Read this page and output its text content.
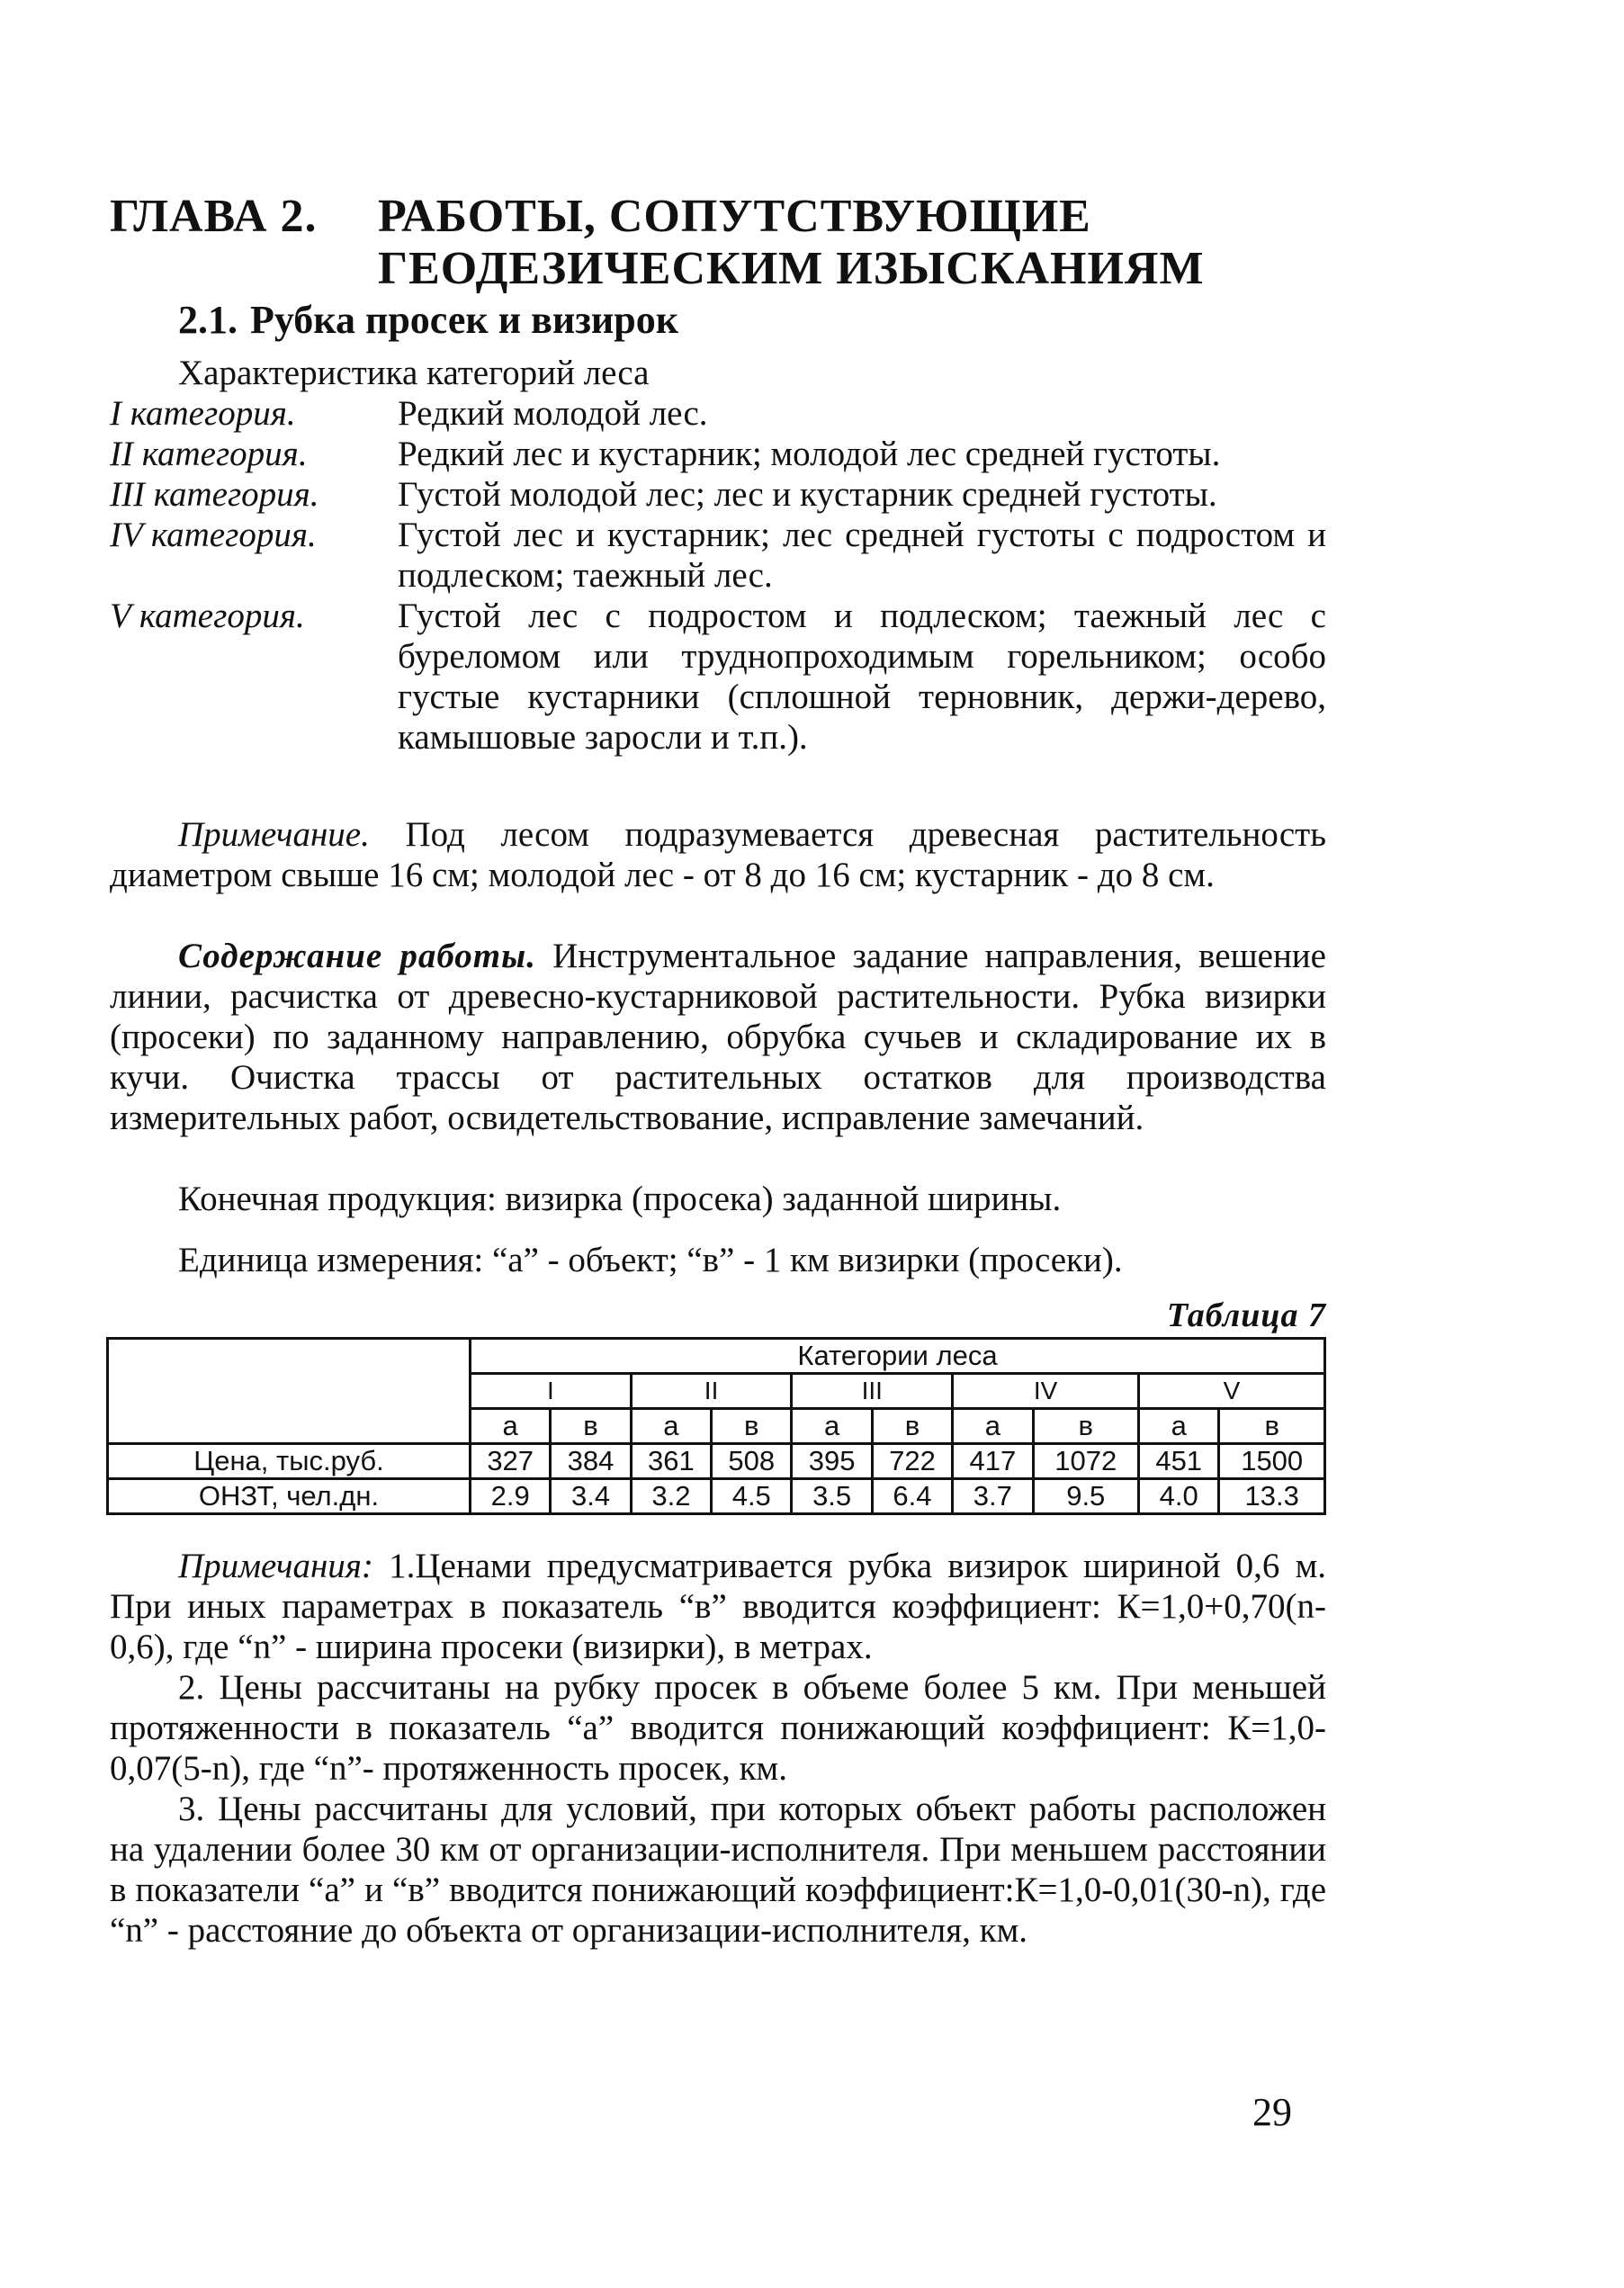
ГЛАВА 2. РАБОТЫ, СОПУТСТВУЮЩИЕ
ГЕОДЕЗИЧЕСКИМ ИЗЫСКАНИЯМ
2.1. Рубка просек и визирок
Характеристика категорий леса
I категория.	Редкий молодой лес.
II категория.	Редкий лес и кустарник; молодой лес средней густоты.
III категория. Густой молодой лес; лес и кустарник средней густоты.
IV категория. Густой лес и кустарник; лес средней густоты с подростом и подлеском; таежный лес.
V категория.	Густой лес с подростом и подлеском; таежный лес с буреломом или труднопроходимым горельником; особо густые кустарники (сплошной терновник, держи-дерево, камышовые заросли и т.п.).
Примечание. Под лесом подразумевается древесная растительность диаметром свыше 16 см; молодой лес - от 8 до 16 см; кустарник - до 8 см.
Содержание работы. Инструментальное задание направления, вешение линии, расчистка от древесно-кустарниковой растительности. Рубка визирки (просеки) по заданному направлению, обрубка сучьев и складирование их в кучи. Очистка трассы от растительных остатков для производства измерительных работ, освидетельствование, исправление замечаний.
Конечная продукция: визирка (просека) заданной ширины.
Единица измерения: “а” - объект; “в” - 1 км визирки (просеки).
Таблица 7
	Категории леса									
	I		II		III		IV		V	
	а	в	а	в	а	в	а	в	а	в
Цена, тыс.руб.	327	384	361	508	395	722	417	1072	451	1500
ОНЗТ, чел.дн.	2.9	3.4	3.2	4.5	3.5	6.4	3.7	9.5	4.0	13.3

Примечания: 1.Ценами предусматривается рубка визирок шириной 0,6 м. При иных параметрах в показатель “в” вводится коэффициент: К=1,0+0,70(n-0,6), где “n” - ширина просеки (визирки), в метрах.

2. Цены рассчитаны на рубку просек в объеме более 5 км. При меньшей протяженности в показатель “а” вводится понижающий коэффициент: К=1,0-0,07(5-n), где “n”- протяженность просек, км.

3. Цены рассчитаны для условий, при которых объект работы расположен на удалении более 30 км от организации-исполнителя. При меньшем расстоянии в показатели “а” и “в” вводится понижающий коэффициент:К=1,0-0,01(30-n), где “n” - расстояние до объекта от организации-исполнителя, км.

29
